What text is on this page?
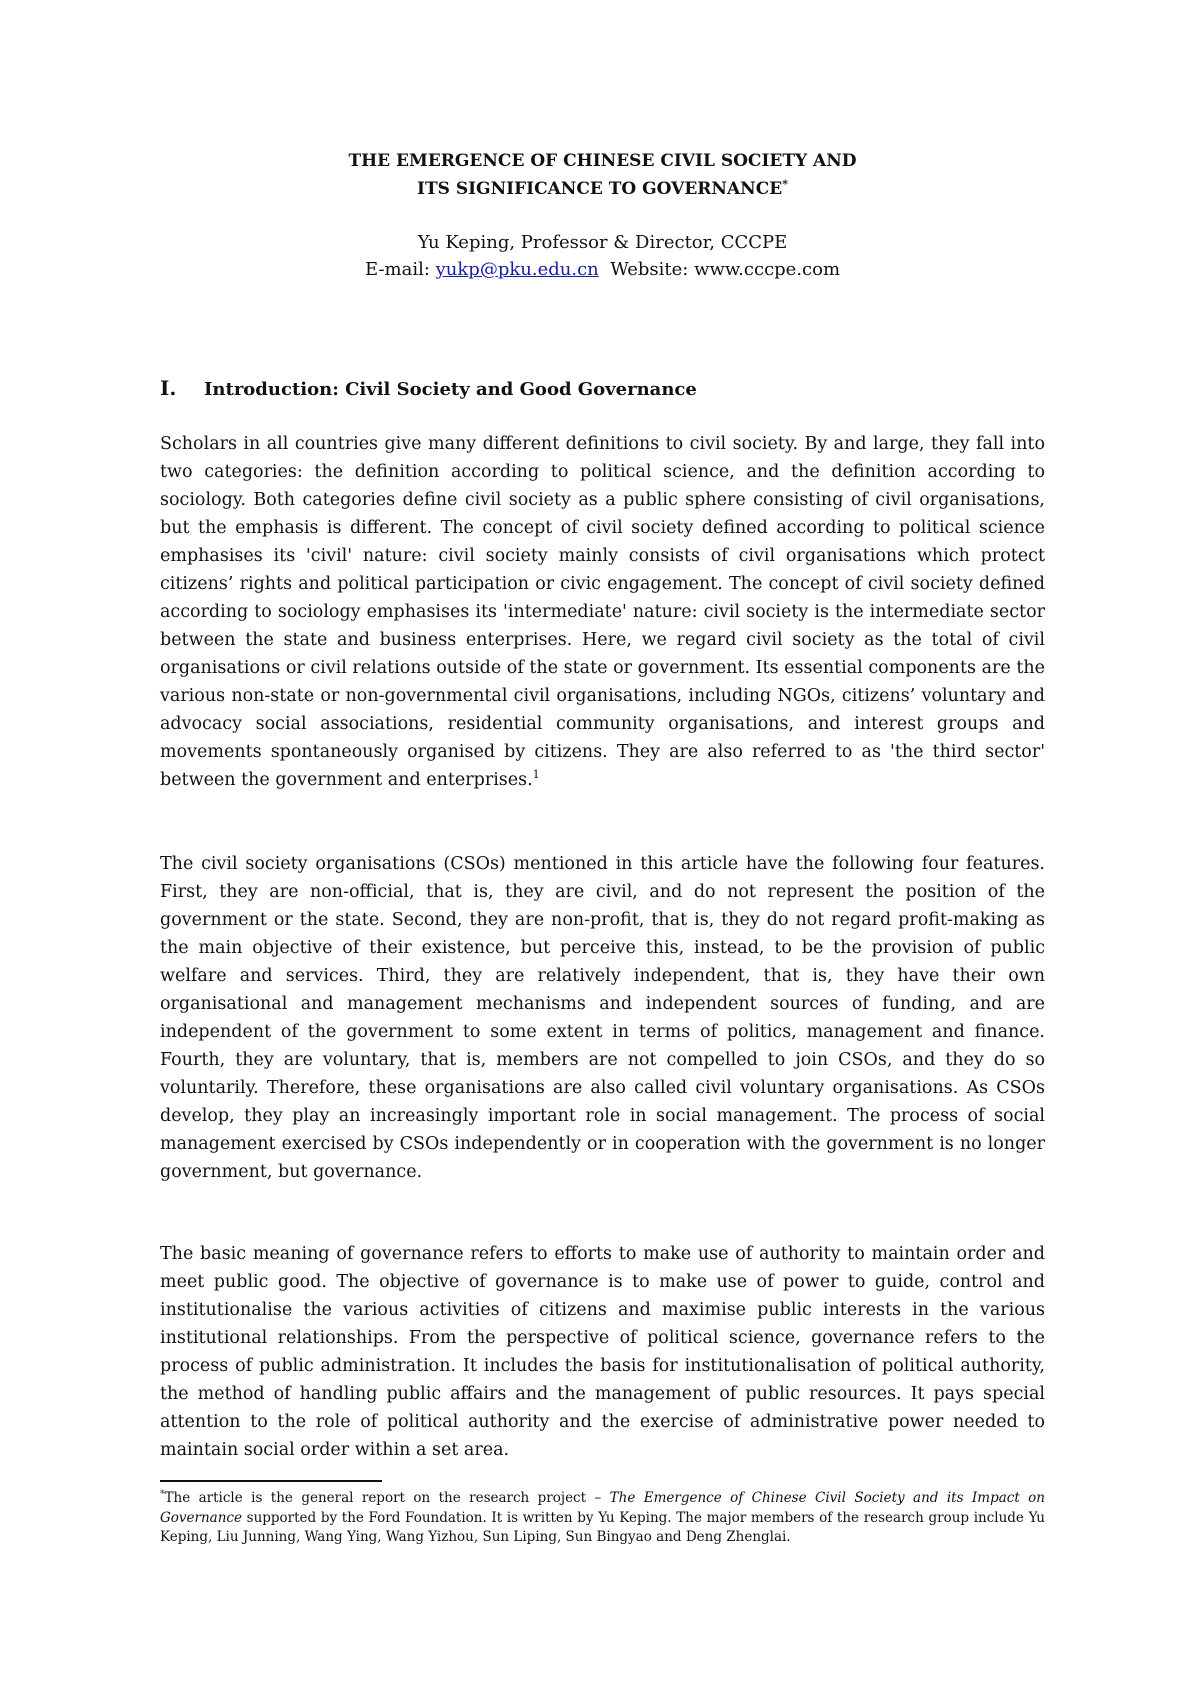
THE EMERGENCE OF CHINESE CIVIL SOCIETY AND
ITS SIGNIFICANCE TO GOVERNANCE*
Yu Keping, Professor & Director, CCCPE
E-mail: yukp@pku.edu.cn Website: www.cccpe.com
I. Introduction: Civil Society and Good Governance

Scholars in all countries give many different definitions to civil society. By and large, they fall into two categories: the definition according to political science, and the definition according to sociology. Both categories define civil society as a public sphere consisting of civil organisations, but the emphasis is different. The concept of civil society defined according to political science emphasises its 'civil' nature: civil society mainly consists of civil organisations which protect citizens’ rights and political participation or civic engagement. The concept of civil society defined according to sociology emphasises its 'intermediate' nature: civil society is the intermediate sector between the state and business enterprises. Here, we regard civil society as the total of civil organisations or civil relations outside of the state or government. Its essential components are the various non-state or non-governmental civil organisations, including NGOs, citizens’ voluntary and advocacy social associations, residential community organisations, and interest groups and movements spontaneously organised by citizens. They are also referred to as 'the third sector' between the government and enterprises.$^1$

The civil society organisations (CSOs) mentioned in this article have the following four features. First, they are non-official, that is, they are civil, and do not represent the position of the government or the state. Second, they are non-profit, that is, they do not regard profit-making as the main objective of their existence, but perceive this, instead, to be the provision of public welfare and services. Third, they are relatively independent, that is, they have their own organisational and management mechanisms and independent sources of funding, and are independent of the government to some extent in terms of politics, management and finance. Fourth, they are voluntary, that is, members are not compelled to join CSOs, and they do so voluntarily. Therefore, these organisations are also called civil voluntary organisations. As CSOs develop, they play an increasingly important role in social management. The process of social management exercised by CSOs independently or in cooperation with the government is no longer government, but governance.

The basic meaning of governance refers to efforts to make use of authority to maintain order and meet public good. The objective of governance is to make use of power to guide, control and institutionalise the various activities of citizens and maximise public interests in the various institutional relationships. From the perspective of political science, governance refers to the process of public administration. It includes the basis for institutionalisation of political authority, the method of handling public affairs and the management of public resources. It pays special attention to the role of political authority and the exercise of administrative power needed to maintain social order within a set area.

*The article is the general report on the research project – The Emergence of Chinese Civil Society and its Impact on Governance supported by the Ford Foundation. It is written by Yu Keping. The major members of the research group include Yu Keping, Liu Junning, Wang Ying, Wang Yizhou, Sun Liping, Sun Bingyao and Deng Zhenglai.
